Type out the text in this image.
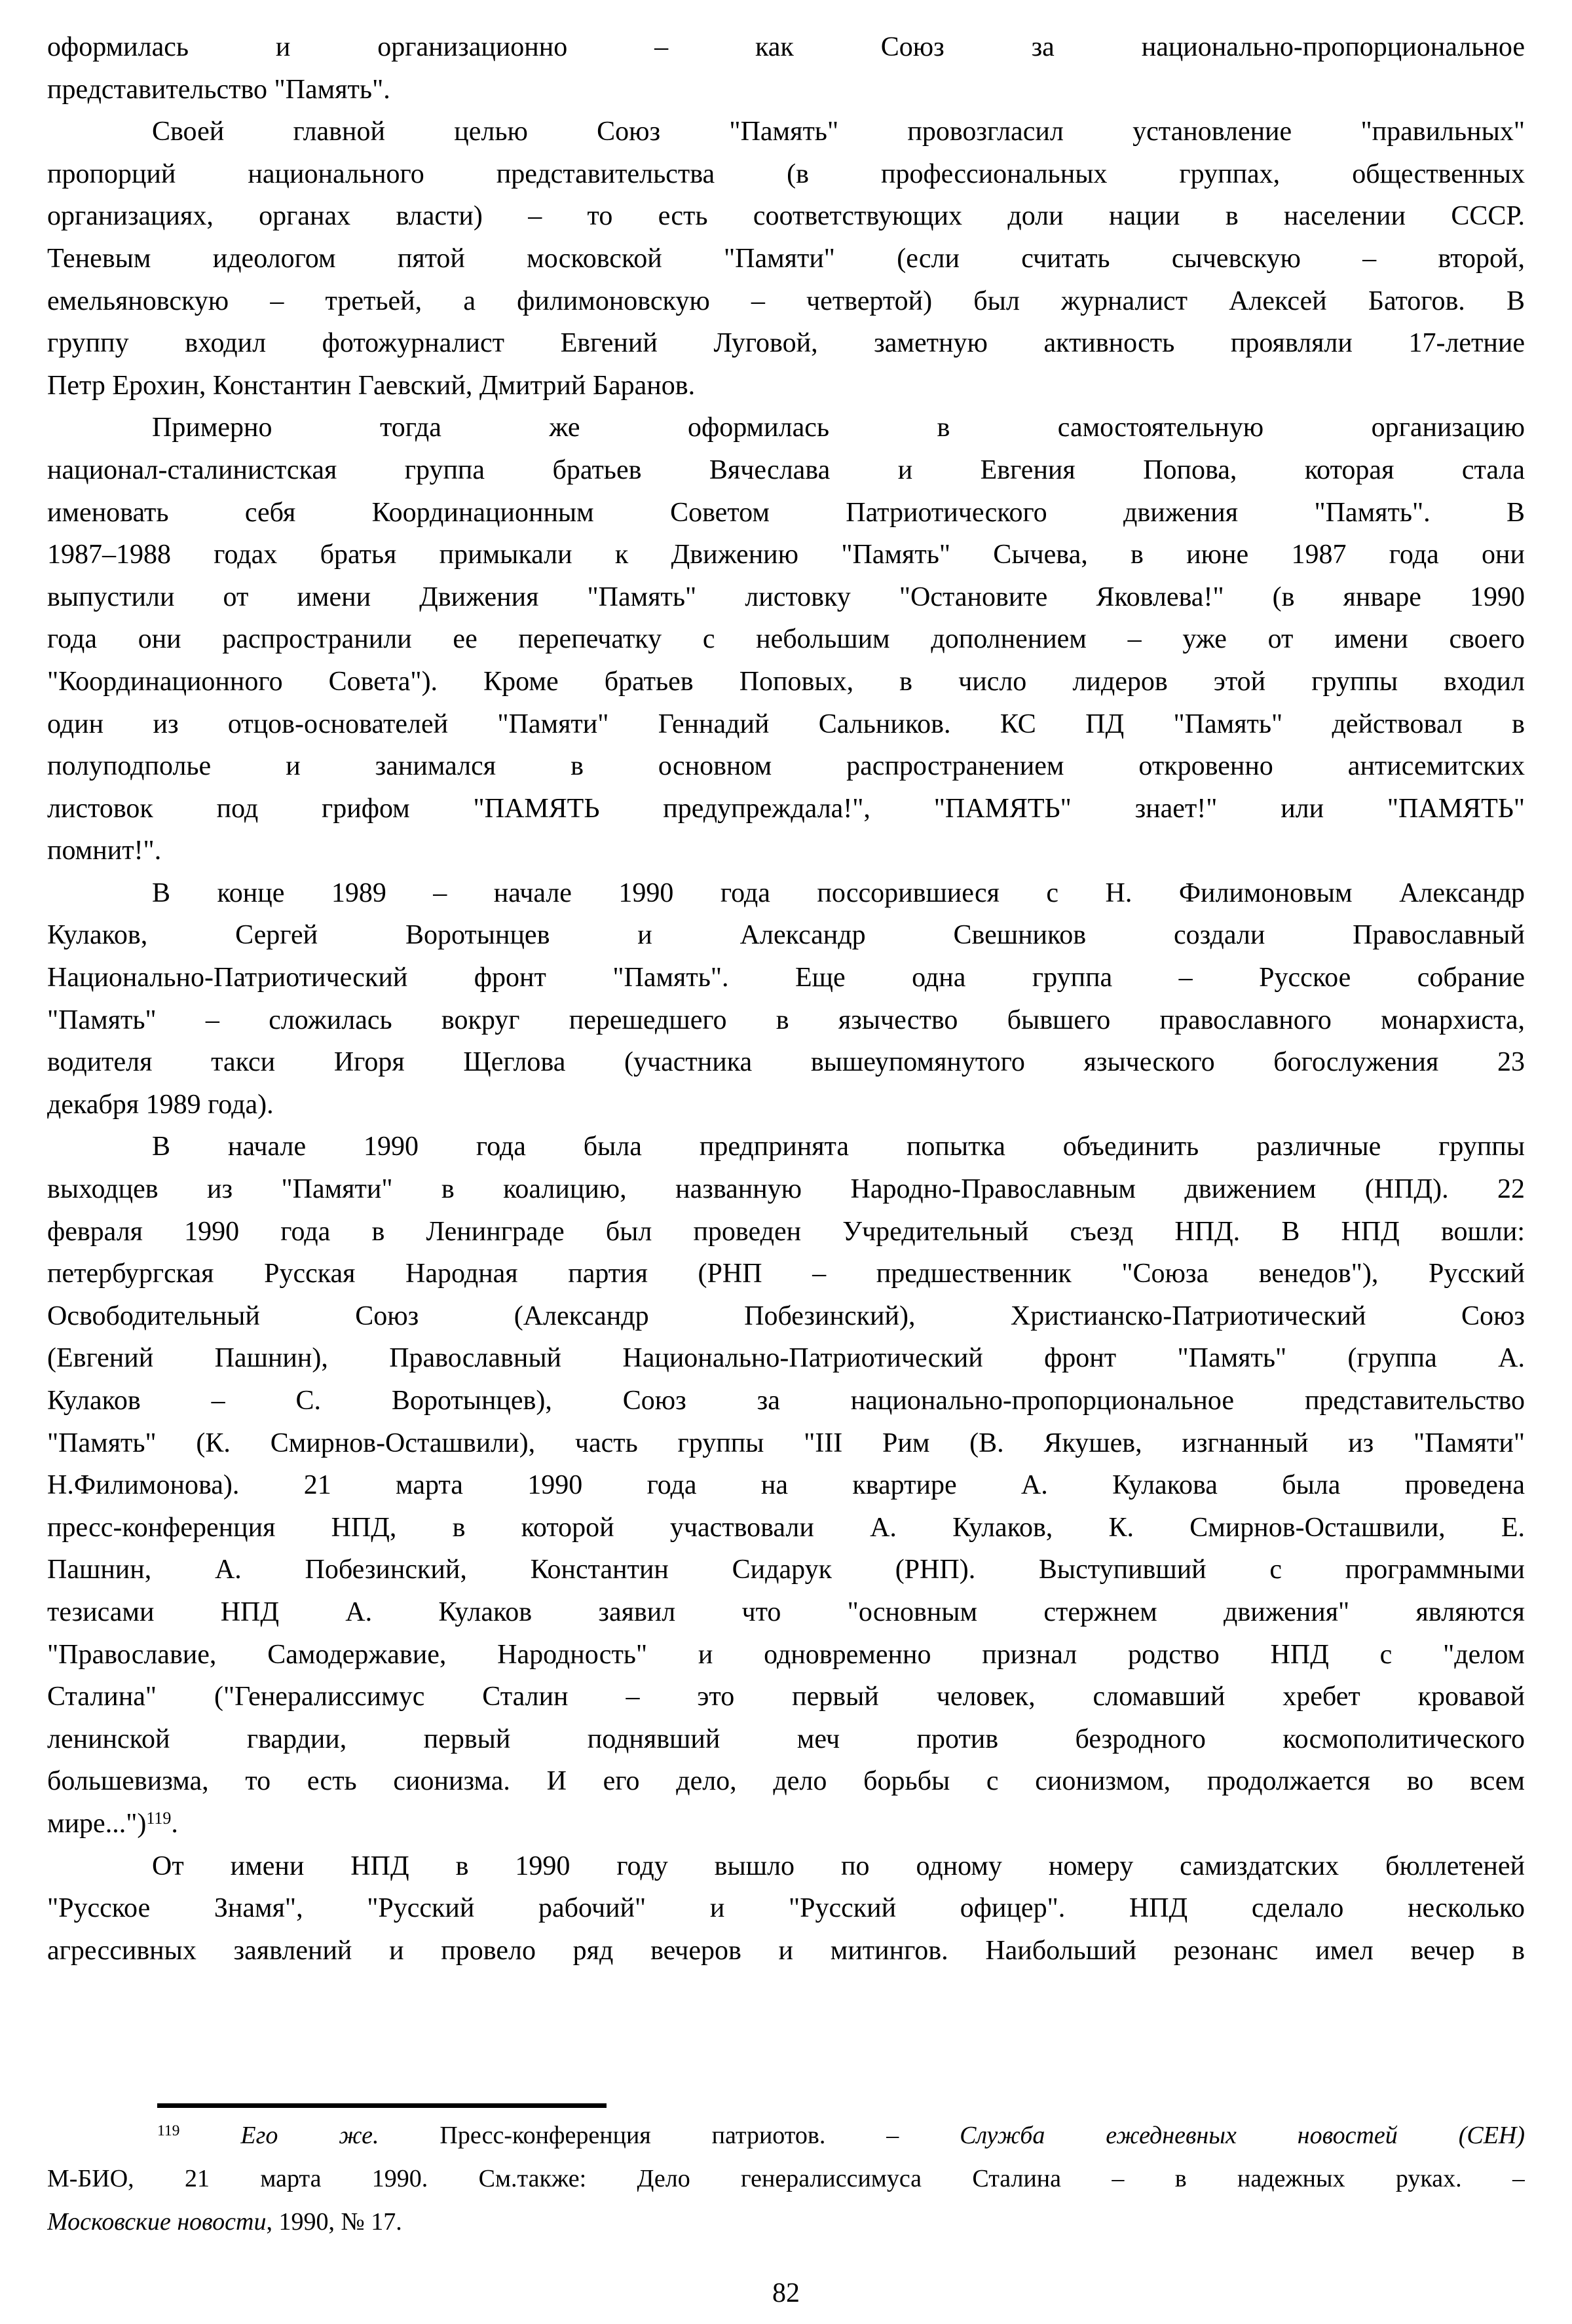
оформилась и организационно – как Союз за национально-пропорциональное
представительство "Память".
Своей главной целью Союз "Память" провозгласил установление "правильных"
пропорций национального представительства (в профессиональных группах, общественных
организациях, органах власти) – то есть соответствующих доли нации в населении СССР.
Теневым идеологом пятой московской "Памяти" (если считать сычевскую – второй,
емельяновскую – третьей, а филимоновскую – четвертой) был журналист Алексей Батогов. В
группу входил фотожурналист Евгений Луговой, заметную активность проявляли 17-летние
Петр Ерохин, Константин Гаевский, Дмитрий Баранов.
Примерно тогда же оформилась в самостоятельную организацию
национал-сталинистская группа братьев Вячеслава и Евгения Попова, которая стала
именовать себя Координационным Советом Патриотического движения "Память". В
1987–1988 годах братья примыкали к Движению "Память" Сычева, в июне 1987 года они
выпустили от имени Движения "Память" листовку "Остановите Яковлева!" (в январе 1990
года они распространили ее перепечатку с небольшим дополнением – уже от имени своего
"Координационного Совета"). Кроме братьев Поповых, в число лидеров этой группы входил
один из отцов-основателей "Памяти" Геннадий Сальников. КС ПД "Память" действовал в
полуподполье и занимался в основном распространением откровенно антисемитских
листовок под грифом "ПАМЯТЬ предупреждала!", "ПАМЯТЬ" знает!" или "ПАМЯТЬ"
помнит!".
В конце 1989 – начале 1990 года поссорившиеся с Н. Филимоновым Александр
Кулаков, Сергей Воротынцев и Александр Свешников создали Православный
Национально-Патриотический фронт "Память". Еще одна группа – Русское собрание
"Память" – сложилась вокруг перешедшего в язычество бывшего православного монархиста,
водителя такси Игоря Щеглова (участника вышеупомянутого языческого богослужения 23
декабря 1989 года).
В начале 1990 года была предпринята попытка объединить различные группы
выходцев из "Памяти" в коалицию, названную Народно-Православным движением (НПД). 22
февраля 1990 года в Ленинграде был проведен Учредительный съезд НПД. В НПД вошли:
петербургская Русская Народная партия (РНП – предшественник "Союза венедов"), Русский
Освободительный Союз (Александр Побезинский), Христианско-Патриотический Союз
(Евгений Пашнин), Православный Национально-Патриотический фронт "Память" (группа А.
Кулаков – С. Воротынцев), Союз за национально-пропорциональное представительство
"Память" (К. Смирнов-Осташвили), часть группы "III Рим (В. Якушев, изгнанный из "Памяти"
Н.Филимонова). 21 марта 1990 года на квартире А. Кулакова была проведена
пресс-конференция НПД, в которой участвовали А. Кулаков, К. Смирнов-Осташвили, Е.
Пашнин, А. Побезинский, Константин Сидарук (РНП). Выступивший с программными
тезисами НПД А. Кулаков заявил что "основным стержнем движения" являются
"Православие, Самодержавие, Народность" и одновременно признал родство НПД с "делом
Сталина" ("Генералиссимус Сталин – это первый человек, сломавший хребет кровавой
ленинской гвардии, первый поднявший меч против безродного космополитического
большевизма, то есть сионизма. И его дело, дело борьбы с сионизмом, продолжается во всем
мире...")$^{119}$.
От имени НПД в 1990 году вышло по одному номеру самиздатских бюллетеней
"Русское Знамя", "Русский рабочий" и "Русский офицер". НПД сделало несколько
агрессивных заявлений и провело ряд вечеров и митингов. Наибольший резонанс имел вечер в
$^{119}$ Его же. Пресс-конференция патриотов. – Служба ежедневных новостей (СЕН)
М-БИО, 21 марта 1990. См.также: Дело генералиссимуса Сталина – в надежных руках. –
Московские новости, 1990, № 17.
82
